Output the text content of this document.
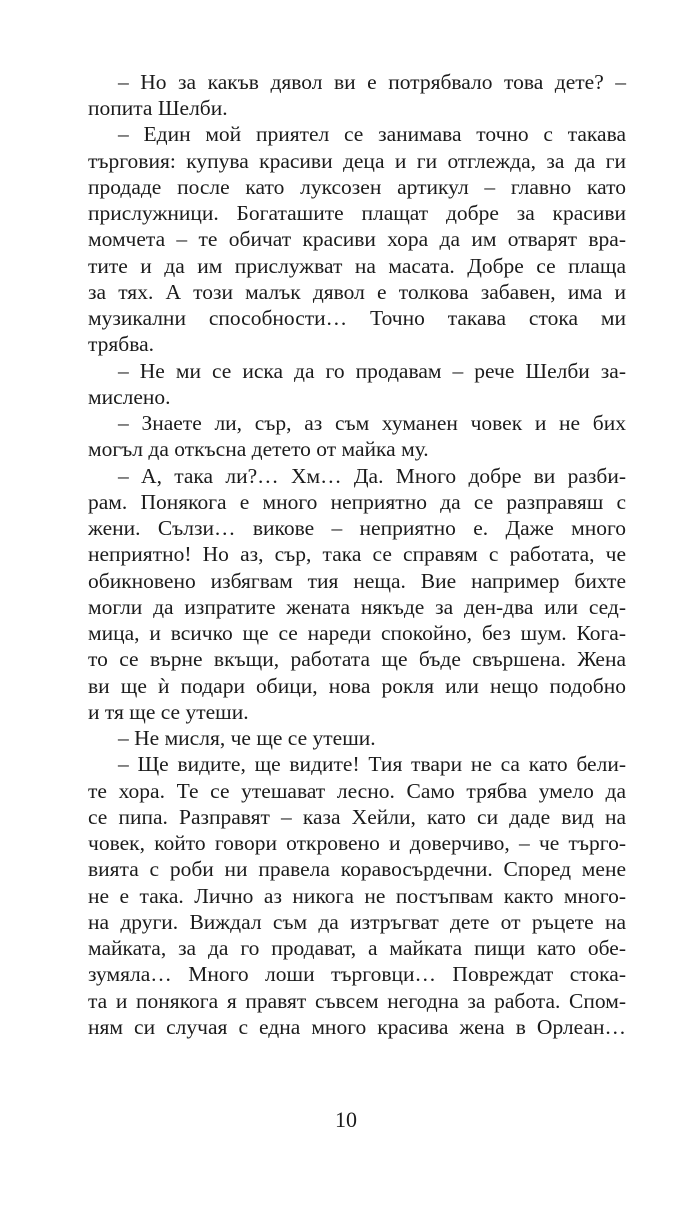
– Но за какъв дявол ви е потрябвало това дете? –
попита Шелби.
– Един мой приятел се занимава точно с такава
търговия: купува красиви деца и ги отглежда, за да ги
продаде после като луксозен артикул – главно като
прислужници. Богаташите плащат добре за красиви
момчета – те обичат красиви хора да им отварят вра-
тите и да им прислужват на масата. Добре се плаща
за тях. А този малък дявол е толкова забавен, има и
музикални способности… Точно такава стока ми
трябва.
– Не ми се иска да го продавам – рече Шелби за-
мислено.
– Знаете ли, сър, аз съм хуманен човек и не бих
могъл да откъсна детето от майка му.
– А, така ли?… Хм… Да. Много добре ви разби-
рам. Понякога е много неприятно да се разправяш с
жени. Сълзи… викове – неприятно е. Даже много
неприятно! Но аз, сър, така се справям с работата, че
обикновено избягвам тия неща. Вие например бихте
могли да изпратите жената някъде за ден-два или сед-
мица, и всичко ще се нареди спокойно, без шум. Кога-
то се върне вкъщи, работата ще бъде свършена. Жена
ви ще ѝ подари обици, нова рокля или нещо подобно
и тя ще се утеши.
– Не мисля, че ще се утеши.
– Ще видите, ще видите! Тия твари не са като бели-
те хора. Те се утешават лесно. Само трябва умело да
се пипа. Разправят – каза Хейли, като си даде вид на
човек, който говори откровено и доверчиво, – че търго-
вията с роби ни правела коравосърдечни. Според мене
не е така. Лично аз никога не постъпвам както много-
на други. Виждал съм да изтръгват дете от ръцете на
майката, за да го продават, а майката пищи като обе-
зумяла… Много лоши търговци… Повреждат стока-
та и понякога я правят съвсем негодна за работа. Спом-
ням си случая с една много красива жена в Орлеан…
10
